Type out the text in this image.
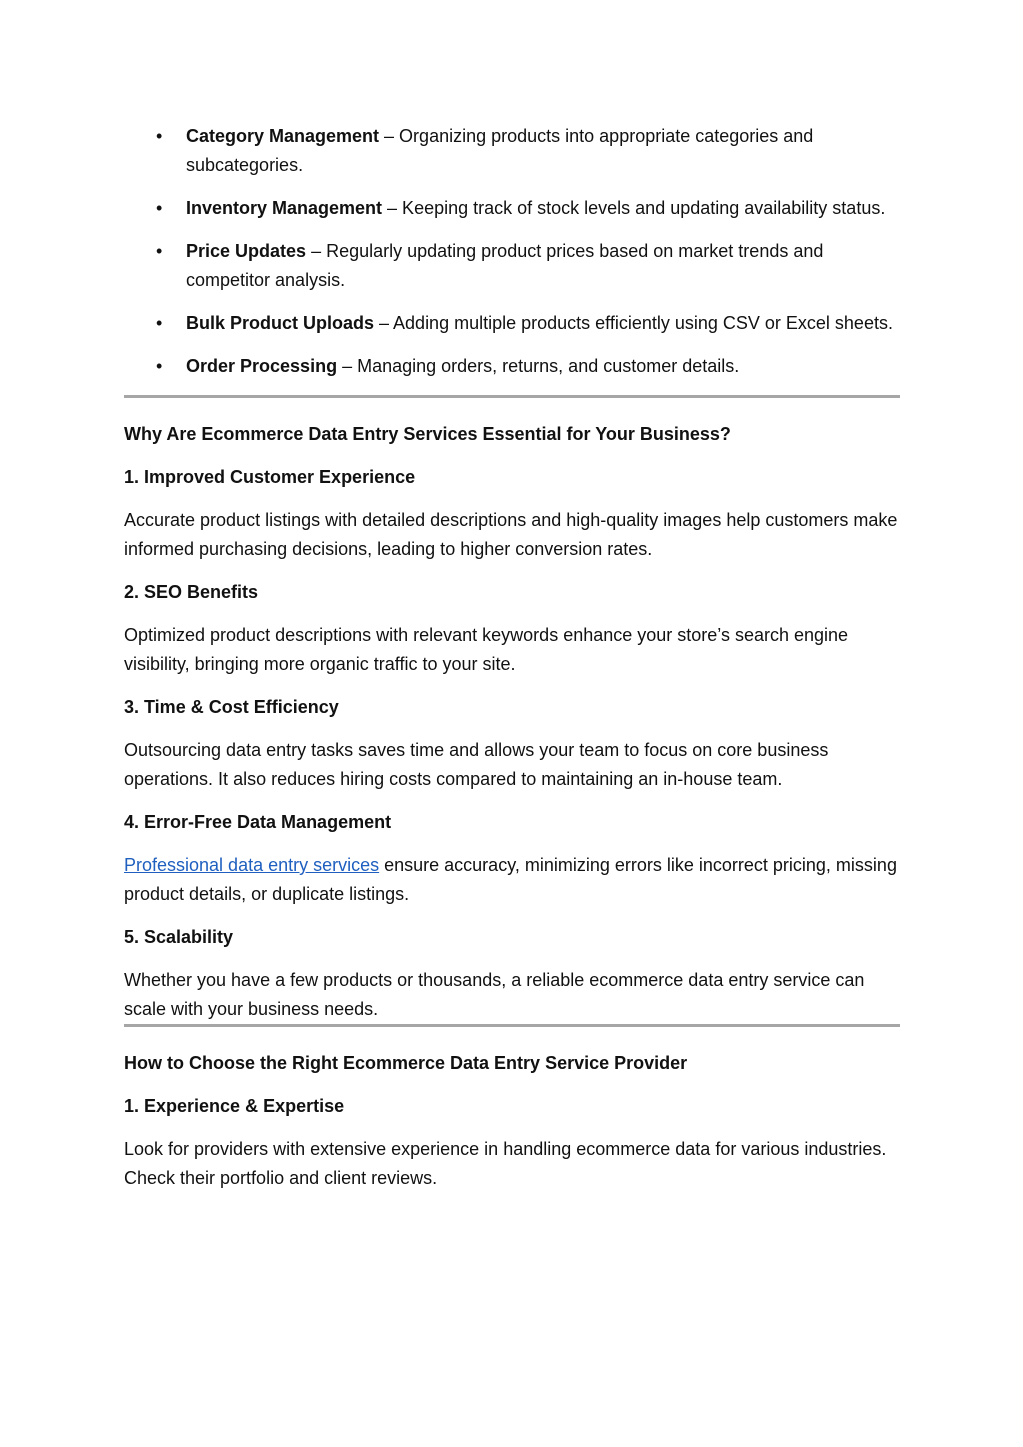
• Category Management – Organizing products into appropriate categories and subcategories.
• Inventory Management – Keeping track of stock levels and updating availability status.
• Price Updates – Regularly updating product prices based on market trends and competitor analysis.
• Bulk Product Uploads – Adding multiple products efficiently using CSV or Excel sheets.
• Order Processing – Managing orders, returns, and customer details.

Why Are Ecommerce Data Entry Services Essential for Your Business?

1. Improved Customer Experience

Accurate product listings with detailed descriptions and high-quality images help customers make informed purchasing decisions, leading to higher conversion rates.

2. SEO Benefits

Optimized product descriptions with relevant keywords enhance your store’s search engine visibility, bringing more organic traffic to your site.

3. Time & Cost Efficiency

Outsourcing data entry tasks saves time and allows your team to focus on core business operations. It also reduces hiring costs compared to maintaining an in-house team.

4. Error-Free Data Management

Professional data entry services ensure accuracy, minimizing errors like incorrect pricing, missing product details, or duplicate listings.

5. Scalability

Whether you have a few products or thousands, a reliable ecommerce data entry service can scale with your business needs.

How to Choose the Right Ecommerce Data Entry Service Provider

1. Experience & Expertise

Look for providers with extensive experience in handling ecommerce data for various industries. Check their portfolio and client reviews.
